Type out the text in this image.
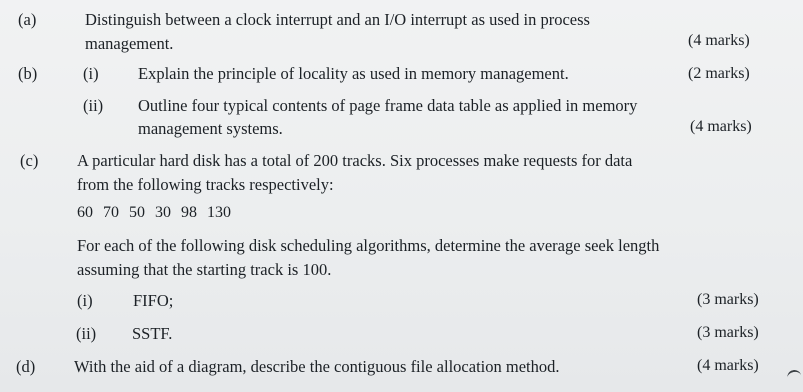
(a)	Distinguish between a clock interrupt and an I/O interrupt as used in process
management.	(4 marks)
(b)	(i) Explain the principle of locality as used in memory management.	(2 marks)
(ii) Outline four typical contents of page frame data table as applied in memory
management systems.	(4 marks)
(c) A particular hard disk has a total of 200 tracks. Six processes make requests for data
from the following tracks respectively:
60 70 50 30 98 130
For each of the following disk scheduling algorithms, determine the average seek length
assuming that the starting track is 100.
(i) FIFO;	(3 marks)
(ii) SSTF.	(3 marks)
(d) With the aid of a diagram, describe the contiguous file allocation method.	(4 marks)
